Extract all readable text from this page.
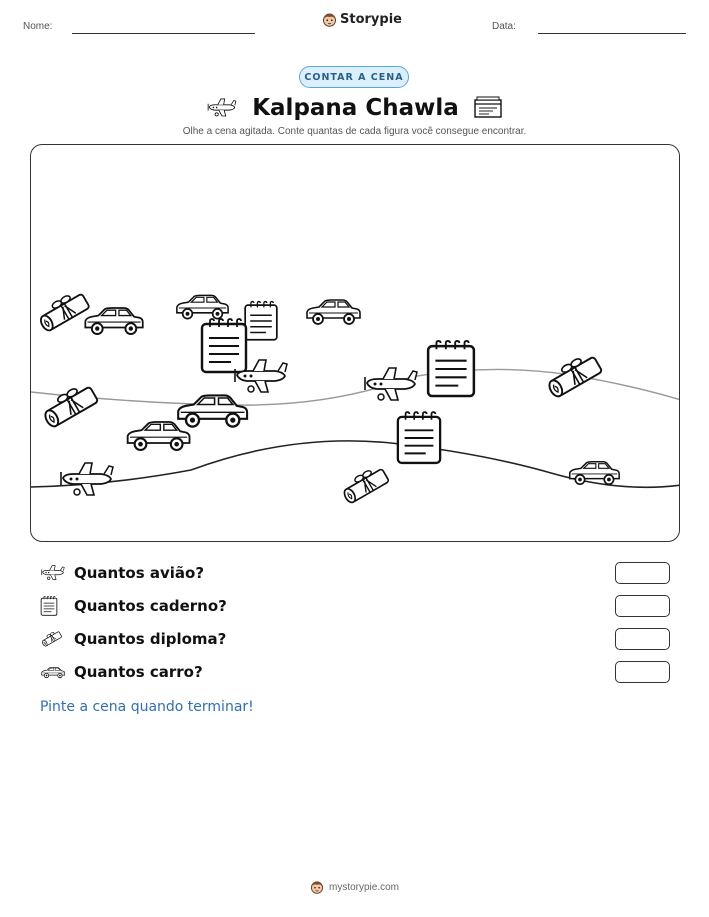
Nome:	Storypie	Data:
CONTAR A CENA
Kalpana Chawla
Olhe a cena agitada. Conte quantas de cada figura você consegue encontrar.
Quantos avião?
Quantos caderno?
Quantos diploma?
Quantos carro?
Pinte a cena quando terminar!
mystorypie.com
